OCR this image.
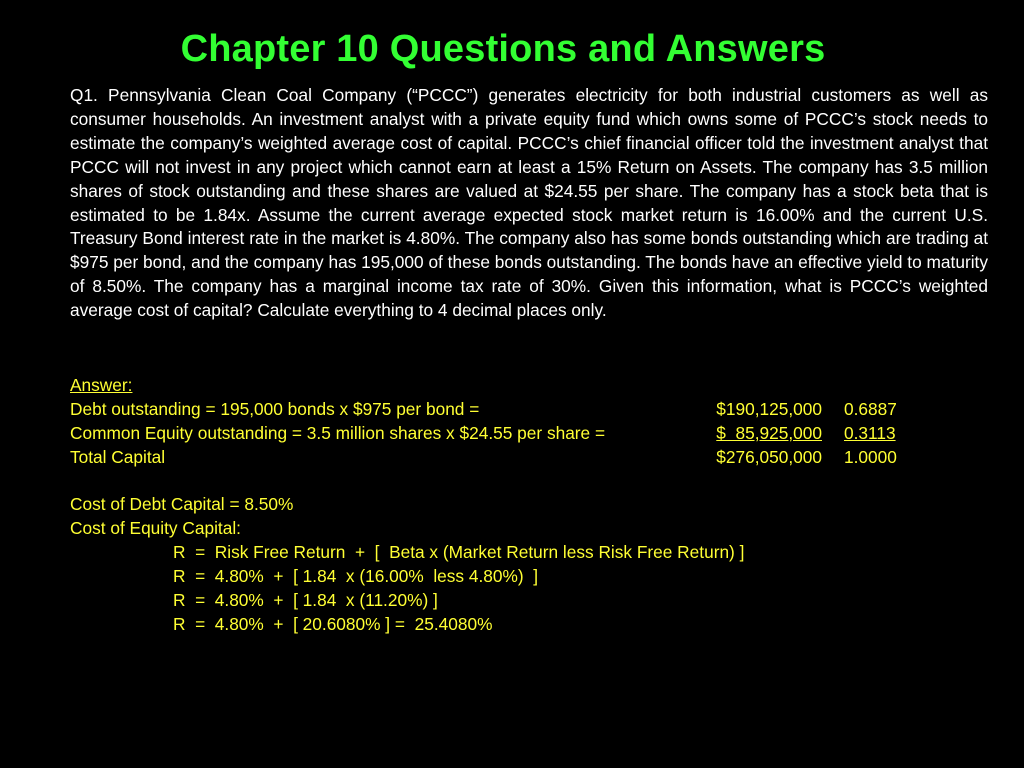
Chapter 10 Questions and Answers

Q1. Pennsylvania Clean Coal Company (“PCCC”) generates electricity for both industrial customers as well as consumer households. An investment analyst with a private equity fund which owns some of PCCC’s stock needs to estimate the company’s weighted average cost of capital. PCCC’s chief financial officer told the investment analyst that PCCC will not invest in any project which cannot earn at least a 15% Return on Assets. The company has 3.5 million shares of stock outstanding and these shares are valued at $24.55 per share. The company has a stock beta that is estimated to be 1.84x. Assume the current average expected stock market return is 16.00% and the current U.S. Treasury Bond interest rate in the market is 4.80%. The company also has some bonds outstanding which are trading at $975 per bond, and the company has 195,000 of these bonds outstanding. The bonds have an effective yield to maturity of 8.50%. The company has a marginal income tax rate of 30%. Given this information, what is PCCC’s weighted average cost of capital? Calculate everything to 4 decimal places only.

Answer:
Debt outstanding = 195,000 bonds x $975 per bond =	$190,125,000 0.6887
Common Equity outstanding = 3.5 million shares x $24.55 per share =	$  85,925,000 0.3113
Total Capital	$276,050,000 1.0000
Cost of Debt Capital = 8.50%
Cost of Equity Capital:
R  =  Risk Free Return  +  [  Beta x (Market Return less Risk Free Return) ]
R  =  4.80%  +  [ 1.84  x (16.00%  less 4.80%)  ]
R  =  4.80%  +  [ 1.84  x (11.20%) ]
R  =  4.80%  +  [ 20.6080% ] =  25.4080%
